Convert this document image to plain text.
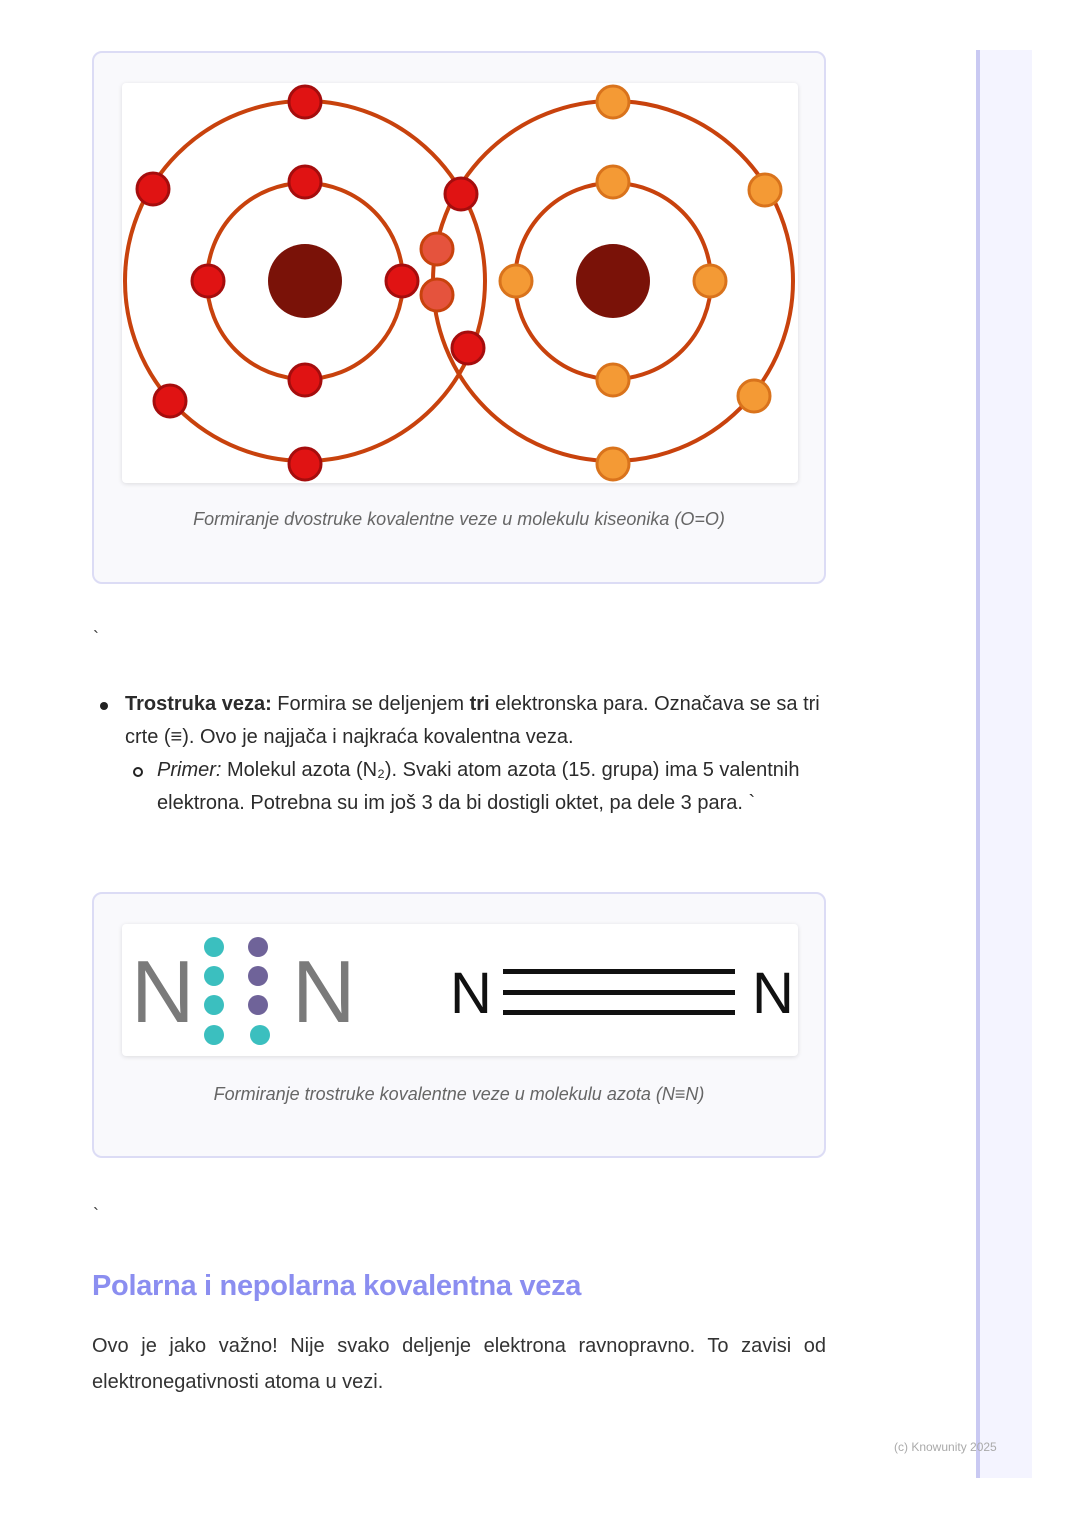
Formiranje dvostruke kovalentne veze u molekulu kiseonika (O=O)
`
Trostruka veza: Formira se deljenjem tri elektronska para. Označava se sa tri crte (≡). Ovo je najjača i najkraća kovalentna veza.
Primer: Molekul azota (N₂). Svaki atom azota (15. grupa) ima 5 valentnih elektrona. Potrebna su im još 3 da bi dostigli oktet, pa dele 3 para. `
N N N	N
Formiranje trostruke kovalentne veze u molekulu azota (N≡N)
`
Polarna i nepolarna kovalentna veza
Ovo je jako važno! Nije svako deljenje elektrona ravnopravno. To zavisi od elektronegativnosti atoma u vezi.
(c) Knowunity 2025
